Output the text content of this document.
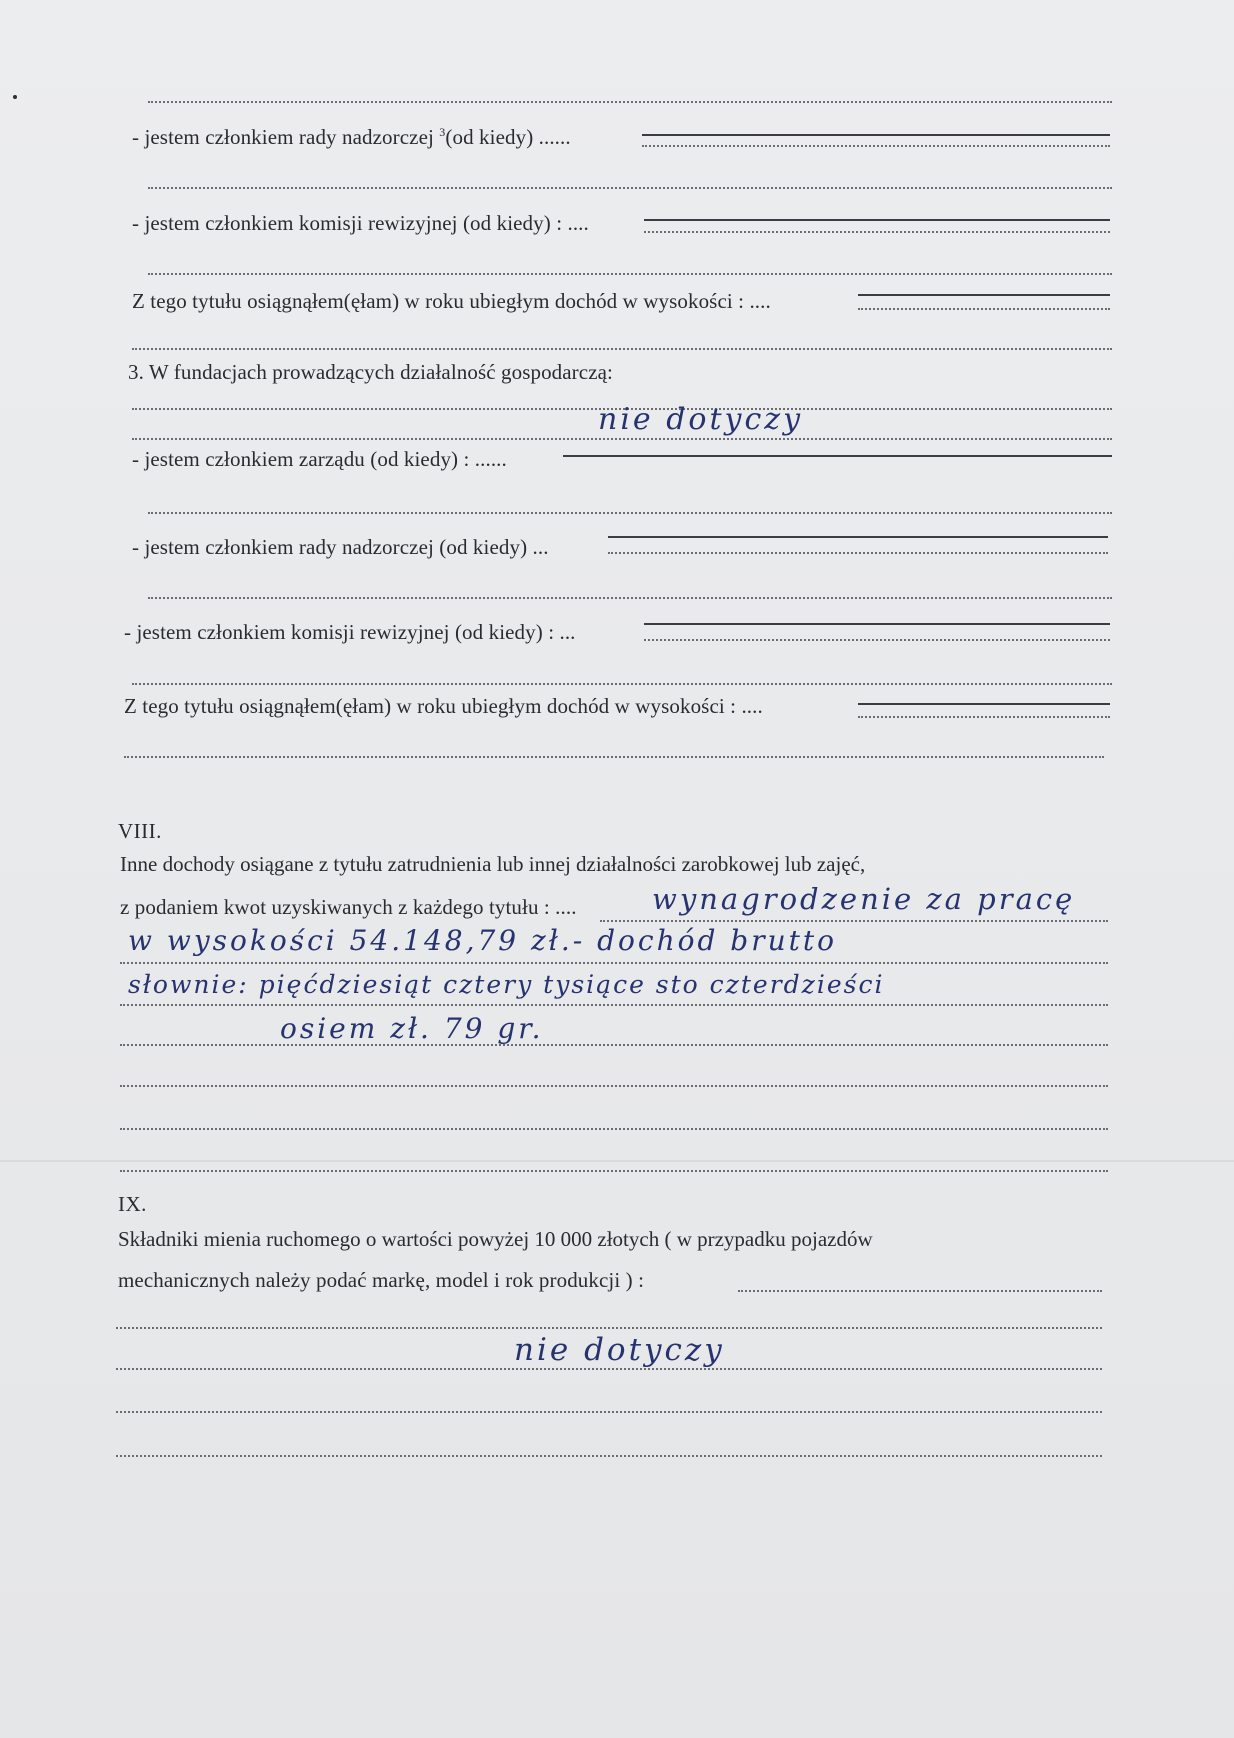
- jestem członkiem rady nadzorczej $^3$(od kiedy) ......
- jestem członkiem komisji rewizyjnej (od kiedy) : ....
Z tego tytułu osiągnąłem(ęłam) w roku ubiegłym dochód w wysokości : ....
3. W fundacjach prowadzących działalność gospodarczą:
nie dotyczy
- jestem członkiem zarządu (od kiedy) : ......
- jestem członkiem rady nadzorczej (od kiedy) ...
- jestem członkiem komisji rewizyjnej (od kiedy) : ...
Z tego tytułu osiągnąłem(ęłam) w roku ubiegłym dochód w wysokości : ....
VIII.
Inne dochody osiągane z tytułu zatrudnienia lub innej działalności zarobkowej lub zajęć,
z podaniem kwot uzyskiwanych z każdego tytułu : ....	wynagrodzenie za pracę
w wysokości 54.148,79 zł.- dochód brutto
słownie: pięćdziesiąt cztery tysiące sto czterdzieści
osiem zł. 79 gr.
IX.
Składniki mienia ruchomego o wartości powyżej 10 000 złotych ( w przypadku pojazdów
mechanicznych należy podać markę, model i rok produkcji ) :
nie dotyczy
